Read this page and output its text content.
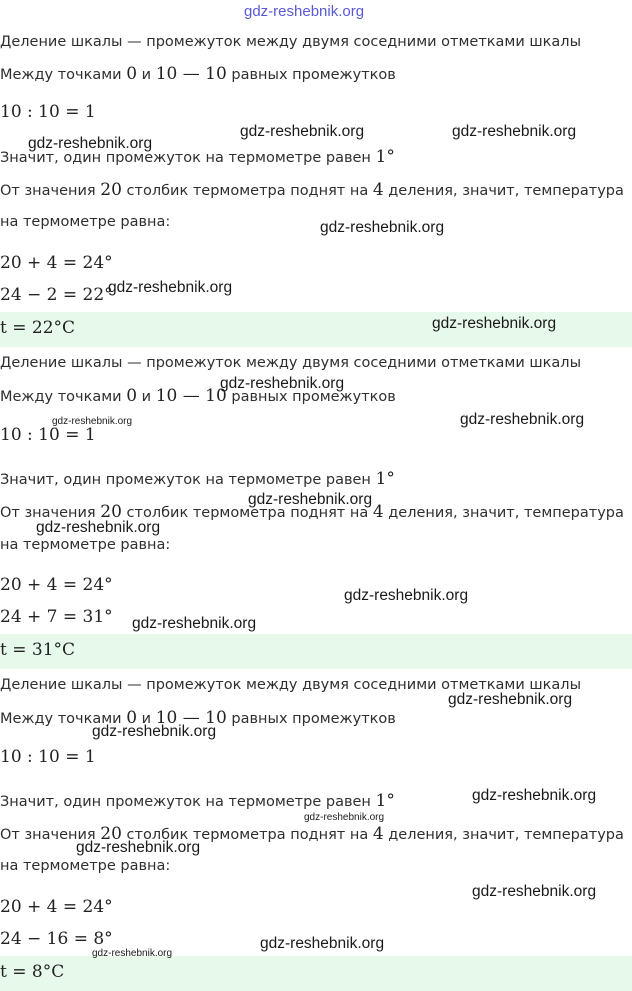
gdz-reshebnik.org
Деление шкалы — промежуток между двумя соседними отметками шкалы
Между точками 0 и 10 — 10 равных промежутков
10 : 10 = 1
Значит, один промежуток на термометре равен 1°
От значения 20 столбик термометра поднят на 4 деления, значит, температура
на термометре равна:
20 + 4 = 24°
24 − 2 = 22°
t = 22°C
Деление шкалы — промежуток между двумя соседними отметками шкалы
Между точками 0 и 10 — 10 равных промежутков
10 : 10 = 1
Значит, один промежуток на термометре равен 1°
От значения 20 столбик термометра поднят на 4 деления, значит, температура
на термометре равна:
20 + 4 = 24°
24 + 7 = 31°
t = 31°C
Деление шкалы — промежуток между двумя соседними отметками шкалы
Между точками 0 и 10 — 10 равных промежутков
10 : 10 = 1
Значит, один промежуток на термометре равен 1°
От значения 20 столбик термометра поднят на 4 деления, значит, температура
на термометре равна:
20 + 4 = 24°
24 − 16 = 8°
t = 8°C
gdz-reshebnik.org
gdz-reshebnik.org	gdz-reshebnik.org
gdz-reshebnik.org
gdz-reshebnik.org
gdz-reshebnik.org
gdz-reshebnik.org
gdz-reshebnik.org	gdz-reshebnik.org
gdz-reshebnik.org
gdz-reshebnik.org
gdz-reshebnik.org
gdz-reshebnik.org
gdz-reshebnik.org
gdz-reshebnik.org
gdz-reshebnik.org
gdz-reshebnik.org
gdz-reshebnik.org
gdz-reshebnik.org
gdz-reshebnik.org
gdz-reshebnik.org
